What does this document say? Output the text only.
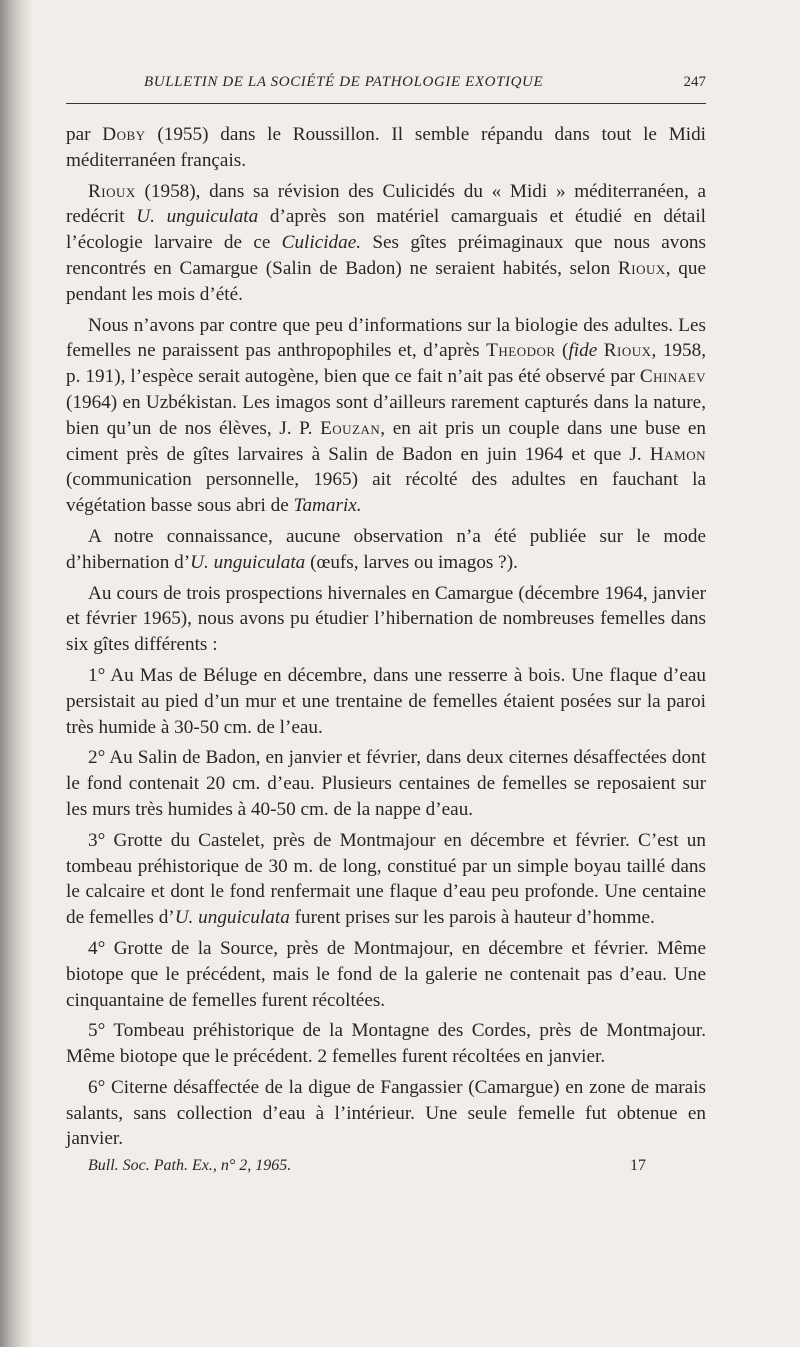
BULLETIN DE LA SOCIÉTÉ DE PATHOLOGIE EXOTIQUE	247

par Doby (1955) dans le Roussillon. Il semble répandu dans tout le Midi méditerranéen français.

Rioux (1958), dans sa révision des Culicidés du « Midi » méditerranéen, a redécrit U. unguiculata d’après son matériel camarguais et étudié en détail l’écologie larvaire de ce Culicidae. Ses gîtes préimaginaux que nous avons rencontrés en Camargue (Salin de Badon) ne seraient habités, selon Rioux, que pendant les mois d’été.

Nous n’avons par contre que peu d’informations sur la biologie des adultes. Les femelles ne paraissent pas anthropophiles et, d’après Theodor (fide Rioux, 1958, p. 191), l’espèce serait autogène, bien que ce fait n’ait pas été observé par Chinaev (1964) en Uzbékistan. Les imagos sont d’ailleurs rarement capturés dans la nature, bien qu’un de nos élèves, J. P. Eouzan, en ait pris un couple dans une buse en ciment près de gîtes larvaires à Salin de Badon en juin 1964 et que J. Hamon (communication personnelle, 1965) ait récolté des adultes en fauchant la végétation basse sous abri de Tamarix.

A notre connaissance, aucune observation n’a été publiée sur le mode d’hibernation d’U. unguiculata (œufs, larves ou imagos ?).

Au cours de trois prospections hivernales en Camargue (décembre 1964, janvier et février 1965), nous avons pu étudier l’hibernation de nombreuses femelles dans six gîtes différents :

1° Au Mas de Béluge en décembre, dans une resserre à bois. Une flaque d’eau persistait au pied d’un mur et une trentaine de femelles étaient posées sur la paroi très humide à 30-50 cm. de l’eau.

2° Au Salin de Badon, en janvier et février, dans deux citernes désaffectées dont le fond contenait 20 cm. d’eau. Plusieurs centaines de femelles se reposaient sur les murs très humides à 40-50 cm. de la nappe d’eau.

3° Grotte du Castelet, près de Montmajour en décembre et février. C’est un tombeau préhistorique de 30 m. de long, constitué par un simple boyau taillé dans le calcaire et dont le fond renfermait une flaque d’eau peu profonde. Une centaine de femelles d’U. unguiculata furent prises sur les parois à hauteur d’homme.

4° Grotte de la Source, près de Montmajour, en décembre et février. Même biotope que le précédent, mais le fond de la galerie ne contenait pas d’eau. Une cinquantaine de femelles furent récoltées.

5° Tombeau préhistorique de la Montagne des Cordes, près de Montmajour. Même biotope que le précédent. 2 femelles furent récoltées en janvier.

6° Citerne désaffectée de la digue de Fangassier (Camargue) en zone de marais salants, sans collection d’eau à l’intérieur. Une seule femelle fut obtenue en janvier.

Bull. Soc. Path. Ex., n° 2, 1965.	17
